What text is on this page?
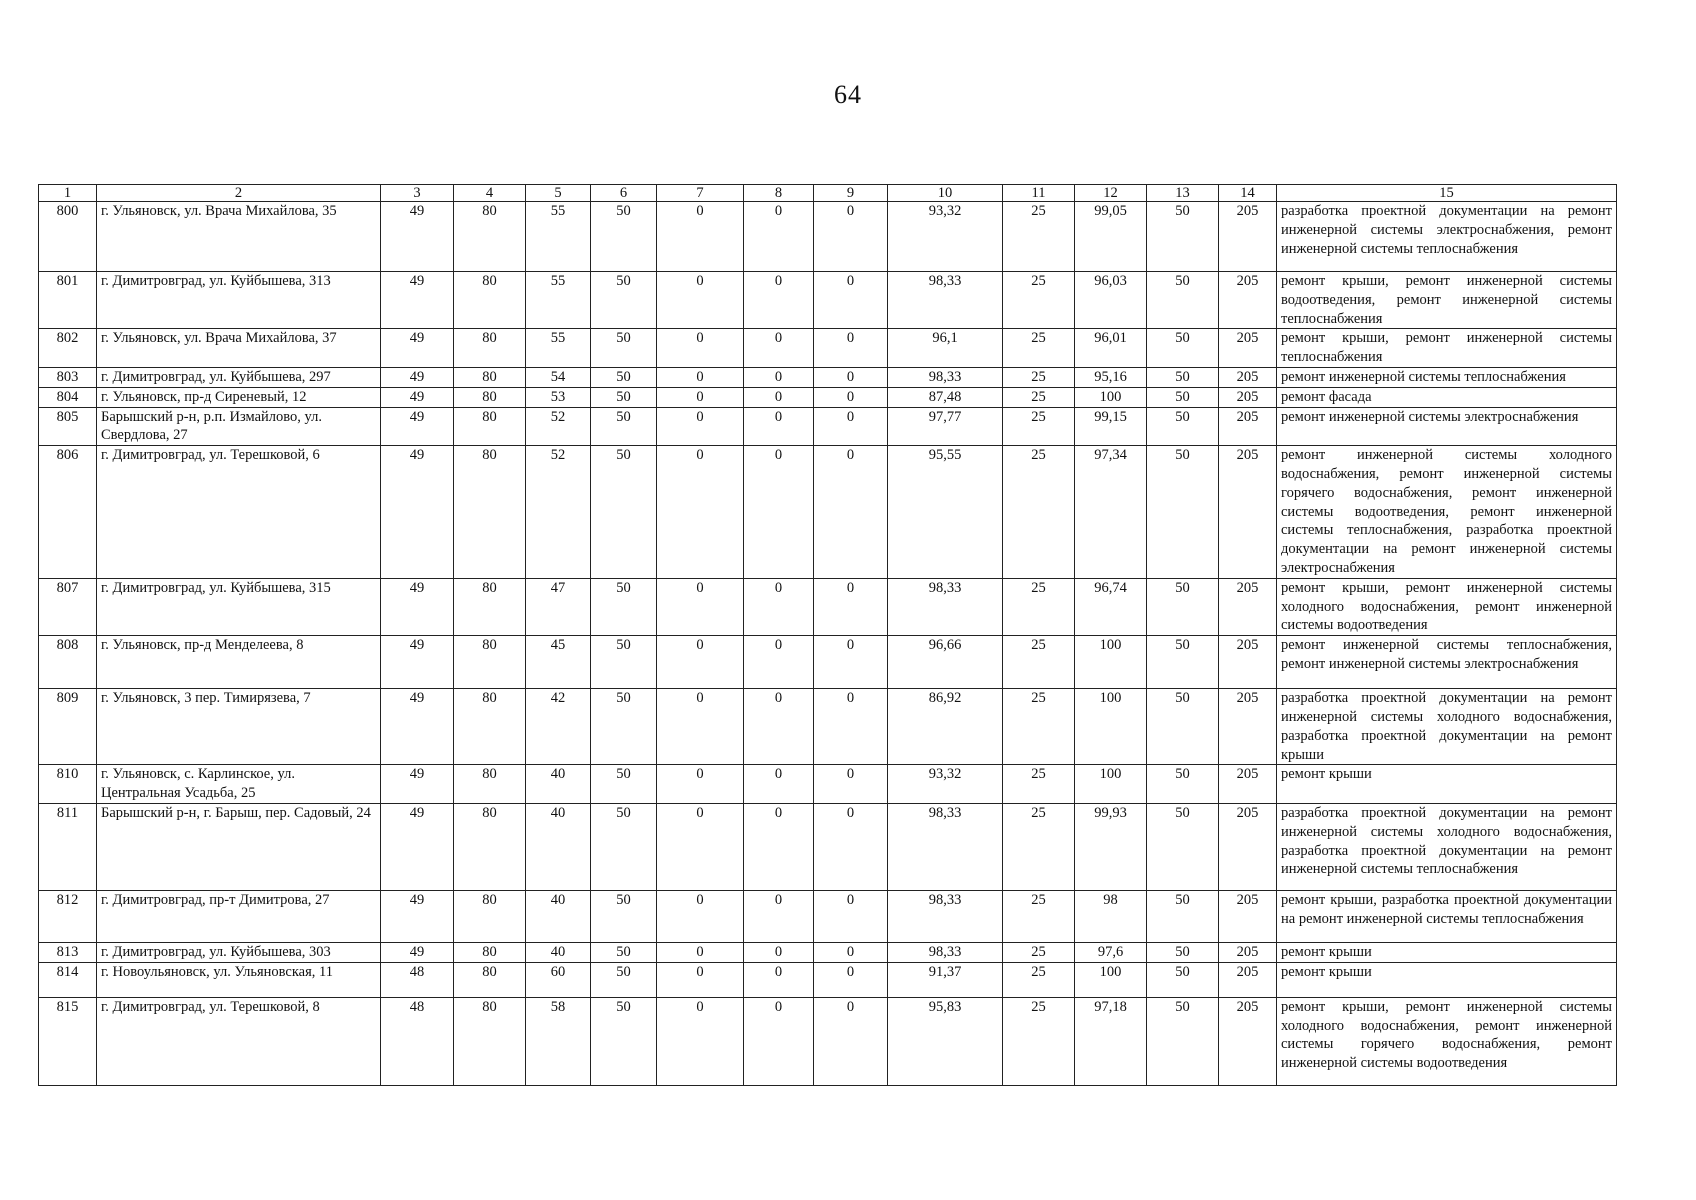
64
1	2	3	4	5	6	7	8	9	10	11	12	13	14	15
800	г. Ульяновск, ул. Врача Михайлова, 35	49	80	55	50	0	0	0	93,32	25	99,05	50	205	разработка проектной документации на ремонт инженерной системы электроснабжения, ремонт инженерной системы теплоснабжения
801	г. Димитровград, ул. Куйбышева, 313	49	80	55	50	0	0	0	98,33	25	96,03	50	205	ремонт крыши, ремонт инженерной системы водоотведения, ремонт инженерной системы теплоснабжения
802	г. Ульяновск, ул. Врача Михайлова, 37	49	80	55	50	0	0	0	96,1	25	96,01	50	205	ремонт крыши, ремонт инженерной системы теплоснабжения
803	г. Димитровград, ул. Куйбышева, 297	49	80	54	50	0	0	0	98,33	25	95,16	50	205	ремонт инженерной системы теплоснабжения
804	г. Ульяновск, пр-д Сиреневый, 12	49	80	53	50	0	0	0	87,48	25	100	50	205	ремонт фасада
805	Барышский р-н, р.п. Измайлово, ул. Свердлова, 27	49	80	52	50	0	0	0	97,77	25	99,15	50	205	ремонт инженерной системы электроснабжения
806	г. Димитровград, ул. Терешковой, 6	49	80	52	50	0	0	0	95,55	25	97,34	50	205	ремонт инженерной системы холодного водоснабжения, ремонт инженерной системы горячего водоснабжения, ремонт инженерной системы водоотведения, ремонт инженерной системы теплоснабжения, разработка проектной документации на ремонт инженерной системы электроснабжения
807	г. Димитровград, ул. Куйбышева, 315	49	80	47	50	0	0	0	98,33	25	96,74	50	205	ремонт крыши, ремонт инженерной системы холодного водоснабжения, ремонт инженерной системы водоотведения
808	г. Ульяновск, пр-д Менделеева, 8	49	80	45	50	0	0	0	96,66	25	100	50	205	ремонт инженерной системы теплоснабжения, ремонт инженерной системы электроснабжения
809	г. Ульяновск, 3 пер. Тимирязева, 7	49	80	42	50	0	0	0	86,92	25	100	50	205	разработка проектной документации на ремонт инженерной системы холодного водоснабжения, разработка проектной документации на ремонт крыши
810	г. Ульяновск, с. Карлинское, ул. Центральная Усадьба, 25	49	80	40	50	0	0	0	93,32	25	100	50	205	ремонт крыши
811	Барышский р-н, г. Барыш, пер. Садовый, 24	49	80	40	50	0	0	0	98,33	25	99,93	50	205	разработка проектной документации на ремонт инженерной системы холодного водоснабжения, разработка проектной документации на ремонт инженерной системы теплоснабжения
812	г. Димитровград, пр-т Димитрова, 27	49	80	40	50	0	0	0	98,33	25	98	50	205	ремонт крыши, разработка проектной документации на ремонт инженерной системы теплоснабжения
813	г. Димитровград, ул. Куйбышева, 303	49	80	40	50	0	0	0	98,33	25	97,6	50	205	ремонт крыши
814	г. Новоульяновск, ул. Ульяновская, 11	48	80	60	50	0	0	0	91,37	25	100	50	205	ремонт крыши
815	г. Димитровград, ул. Терешковой, 8	48	80	58	50	0	0	0	95,83	25	97,18	50	205	ремонт крыши, ремонт инженерной системы холодного водоснабжения, ремонт инженерной системы горячего водоснабжения, ремонт инженерной системы водоотведения
